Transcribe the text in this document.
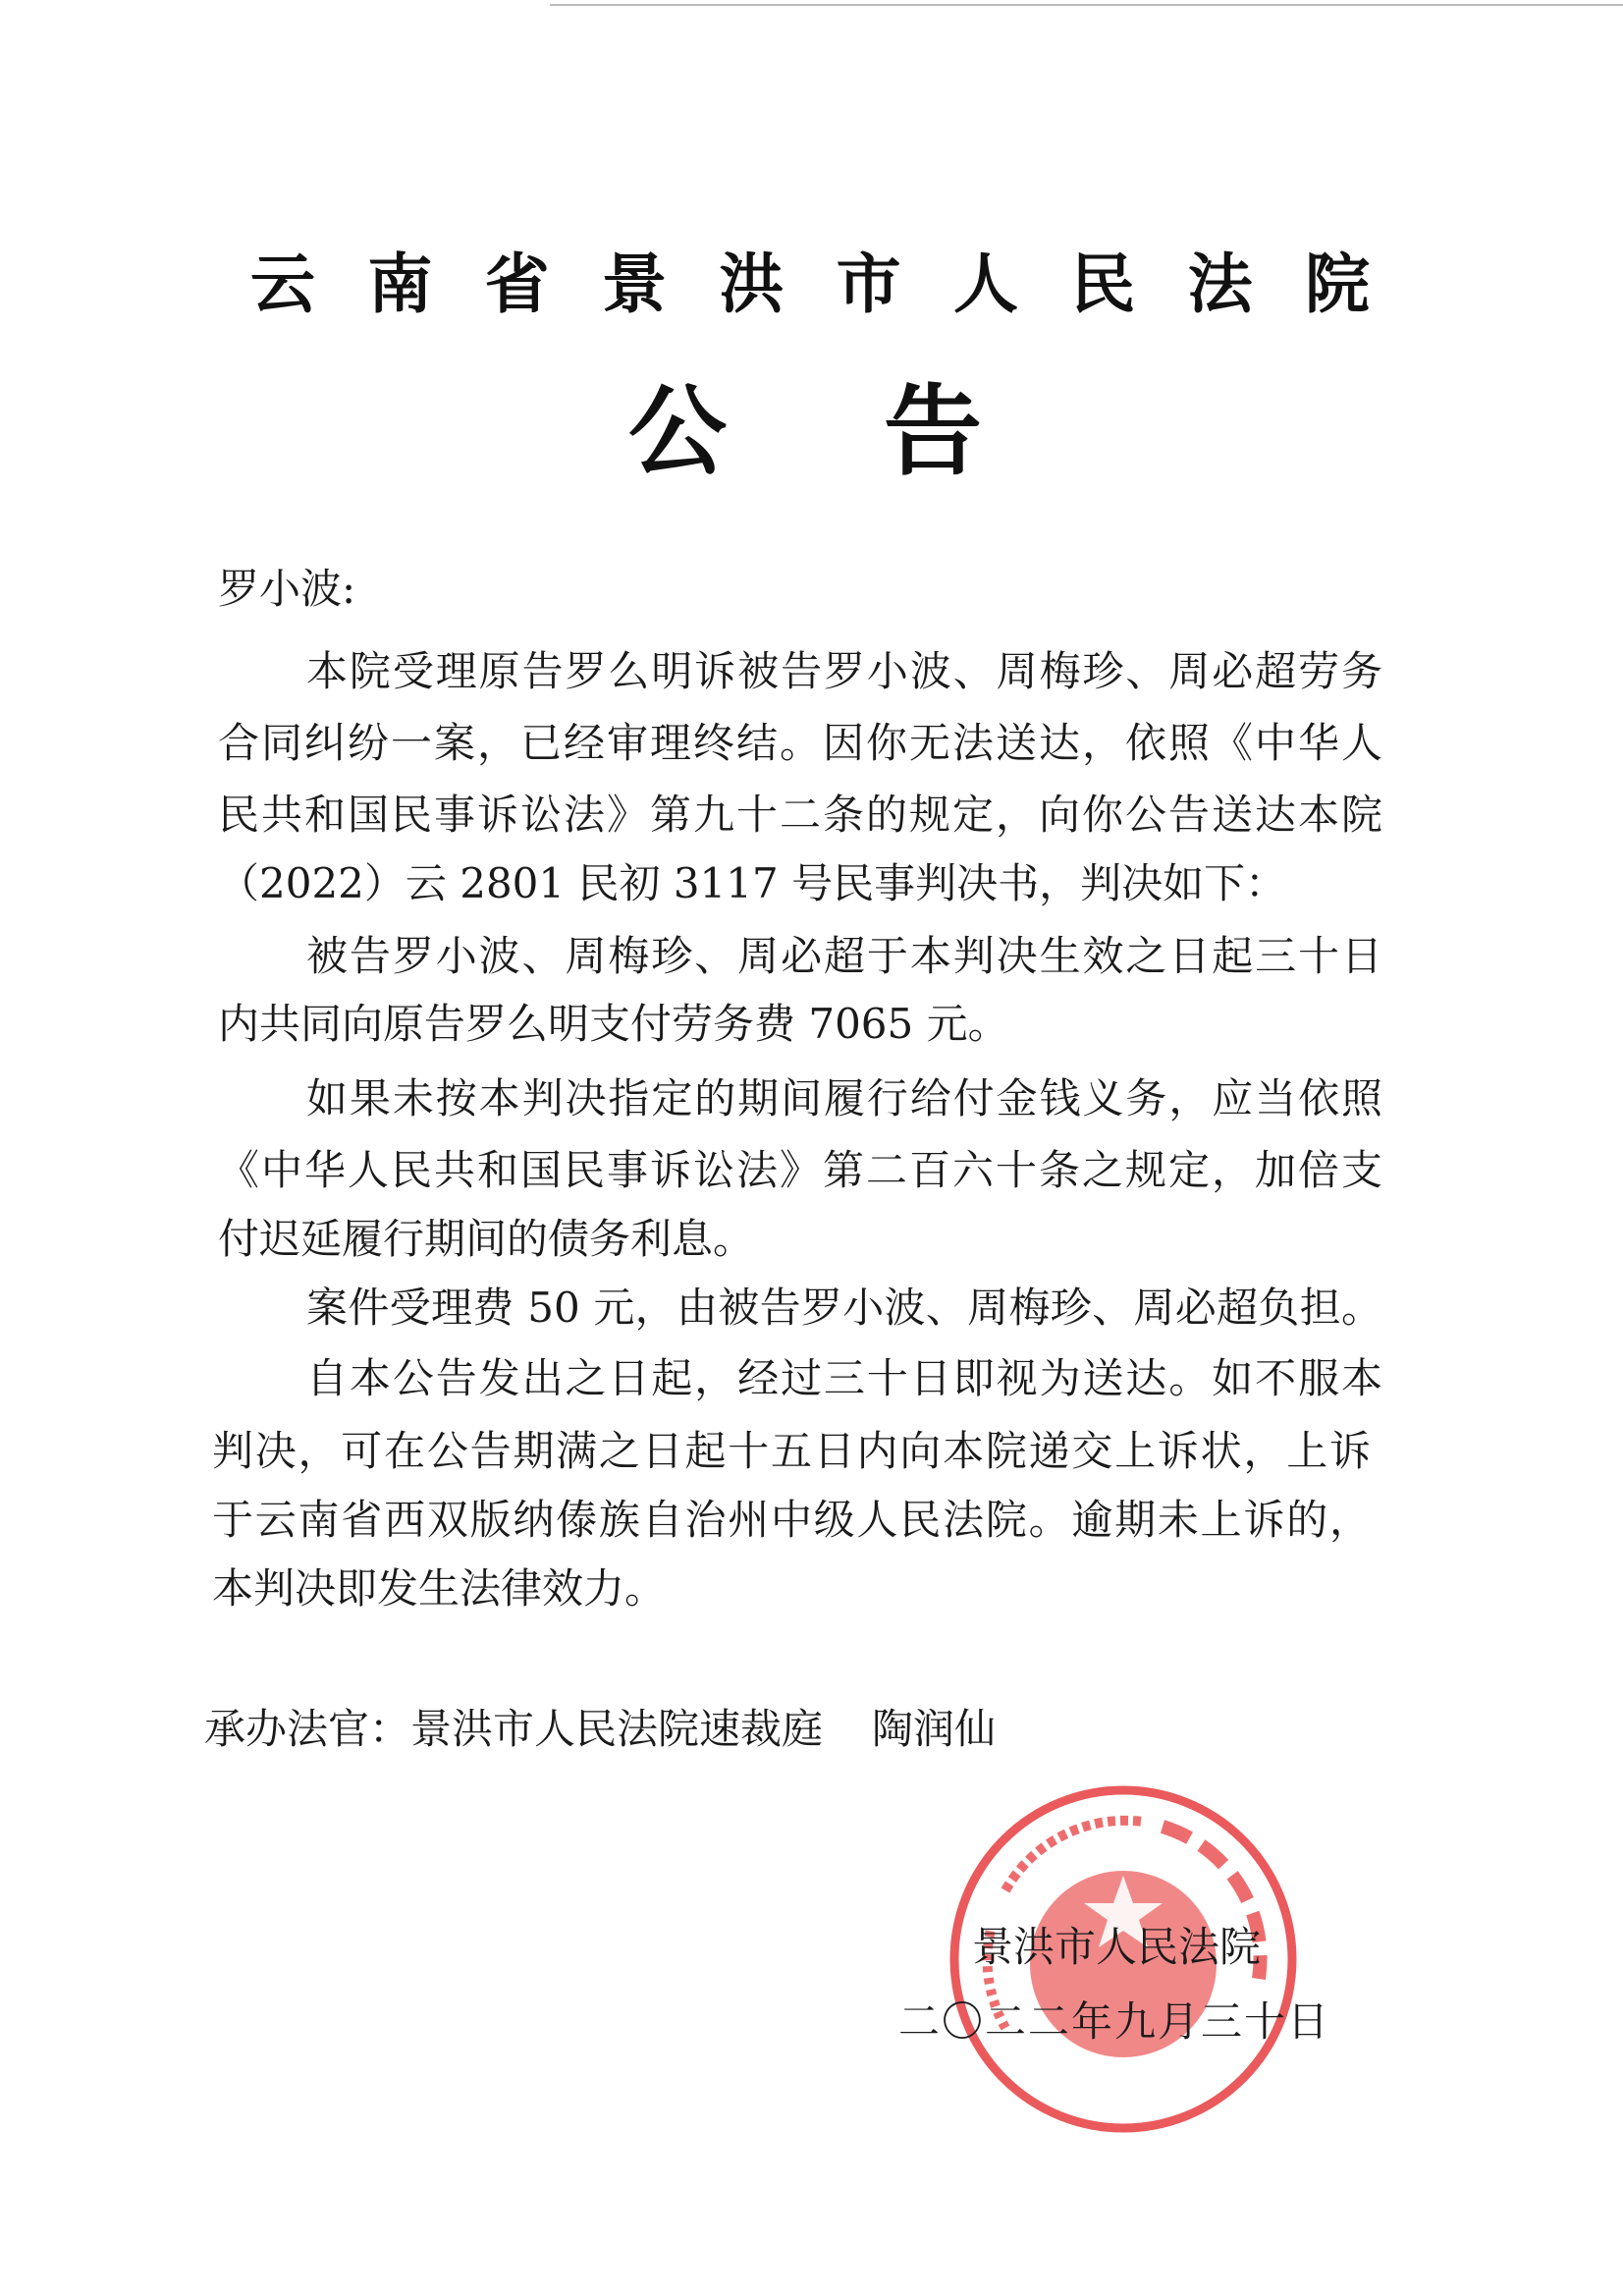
云南省景洪市人民法院
公告
罗小波:
本院受理原告罗么明诉被告罗小波、周梅珍、周必超劳务
合同纠纷一案，已经审理终结。因你无法送达，依照《中华人
民共和国民事诉讼法》第九十二条的规定，向你公告送达本院
（2022）云 2801 民初 3117 号民事判决书，判决如下：
被告罗小波、周梅珍、周必超于本判决生效之日起三十日
内共同向原告罗么明支付劳务费 7065 元。
如果未按本判决指定的期间履行给付金钱义务，应当依照
《中华人民共和国民事诉讼法》第二百六十条之规定，加倍支
付迟延履行期间的债务利息。
案件受理费 50 元，由被告罗小波、周梅珍、周必超负担。
自本公告发出之日起，经过三十日即视为送达。如不服本
判决，可在公告期满之日起十五日内向本院递交上诉状，上诉
于云南省西双版纳傣族自治州中级人民法院。逾期未上诉的，
本判决即发生法律效力。
承办法官：景洪市人民法院速裁庭 陶润仙
景洪市人民法院
二〇二二年九月三十日
